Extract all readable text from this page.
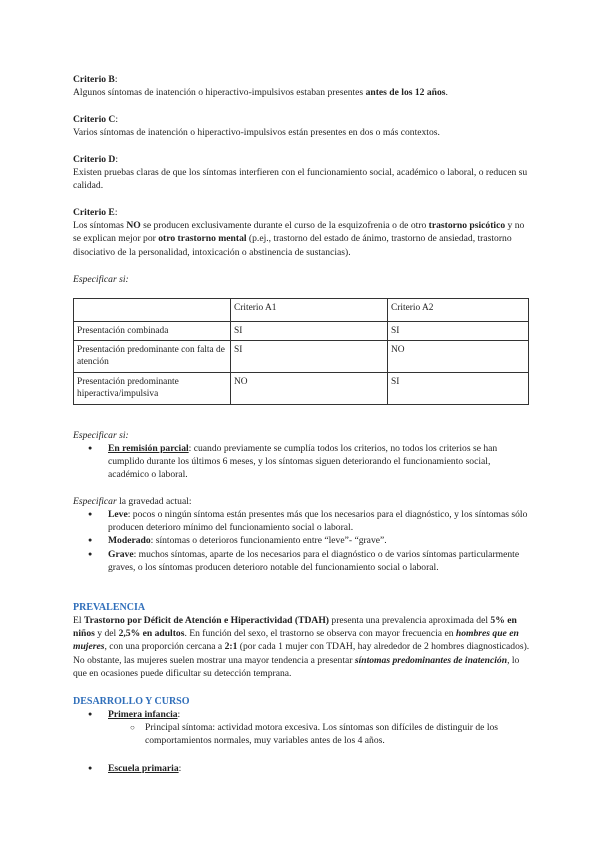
Criterio B:
Algunos síntomas de inatención o hiperactivo-impulsivos estaban presentes antes de los 12 años.
Criterio C:
Varios síntomas de inatención o hiperactivo-impulsivos están presentes en dos o más contextos.
Criterio D:
Existen pruebas claras de que los síntomas interfieren con el funcionamiento social, académico o laboral, o reducen su calidad.
Criterio E:
Los síntomas NO se producen exclusivamente durante el curso de la esquizofrenia o de otro trastorno psicótico y no se explican mejor por otro trastorno mental (p.ej., trastorno del estado de ánimo, trastorno de ansiedad, trastorno disociativo de la personalidad, intoxicación o abstinencia de sustancias).
Especificar si:
	Criterio A1	Criterio A2
Presentación combinada	SI	SI
Presentación predominante con falta de atención	SI	NO
Presentación predominante hiperactiva/impulsiva	NO	SI
Especificar si:
● En remisión parcial: cuando previamente se cumplía todos los criterios, no todos los criterios se han cumplido durante los últimos 6 meses, y los síntomas siguen deteriorando el funcionamiento social, académico o laboral.
Especificar la gravedad actual:
● Leve: pocos o ningún síntoma están presentes más que los necesarios para el diagnóstico, y los síntomas sólo producen deterioro mínimo del funcionamiento social o laboral.
● Moderado: síntomas o deterioros funcionamiento entre “leve”- “grave”.
● Grave: muchos síntomas, aparte de los necesarios para el diagnóstico o de varios síntomas particularmente graves, o los síntomas producen deterioro notable del funcionamiento social o laboral.
PREVALENCIA
El Trastorno por Déficit de Atención e Hiperactividad (TDAH) presenta una prevalencia aproximada del 5% en niños y del 2,5% en adultos. En función del sexo, el trastorno se observa con mayor frecuencia en hombres que en mujeres, con una proporción cercana a 2:1 (por cada 1 mujer con TDAH, hay alrededor de 2 hombres diagnosticados). No obstante, las mujeres suelen mostrar una mayor tendencia a presentar síntomas predominantes de inatención, lo que en ocasiones puede dificultar su detección temprana.
DESARROLLO Y CURSO
● Primera infancia:
○ Principal síntoma: actividad motora excesiva. Los síntomas son difíciles de distinguir de los comportamientos normales, muy variables antes de los 4 años.
● Escuela primaria:
